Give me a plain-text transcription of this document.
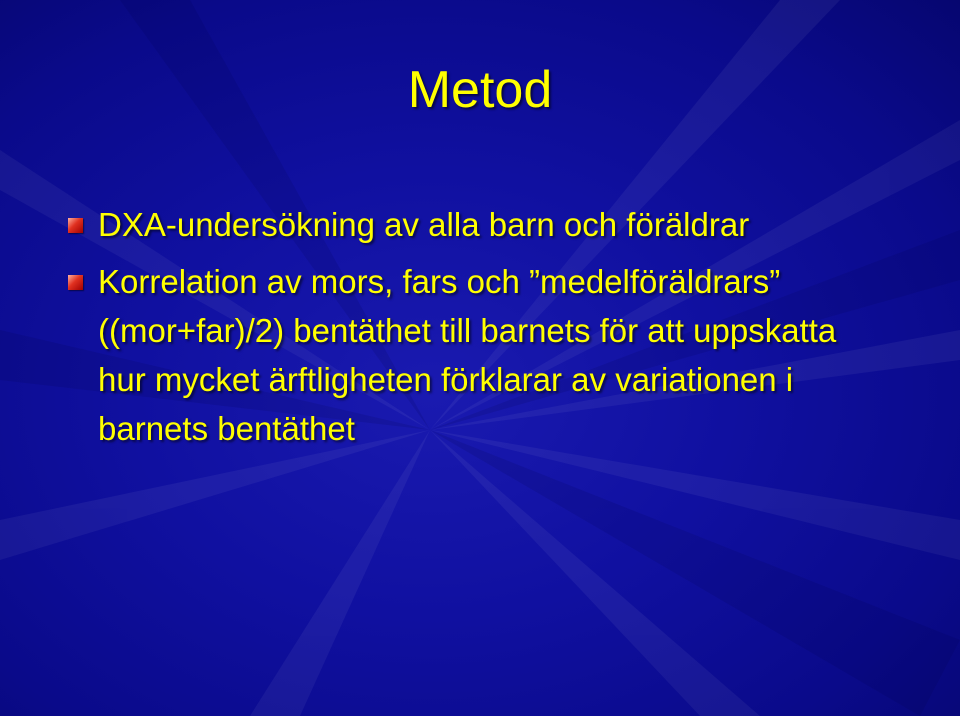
Metod
DXA-undersökning av alla barn och föräldrar
Korrelation av mors, fars och ”medelföräldrars” ((mor+far)/2) bentäthet till barnets för att uppskatta hur mycket ärftligheten förklarar av variationen i barnets bentäthet
